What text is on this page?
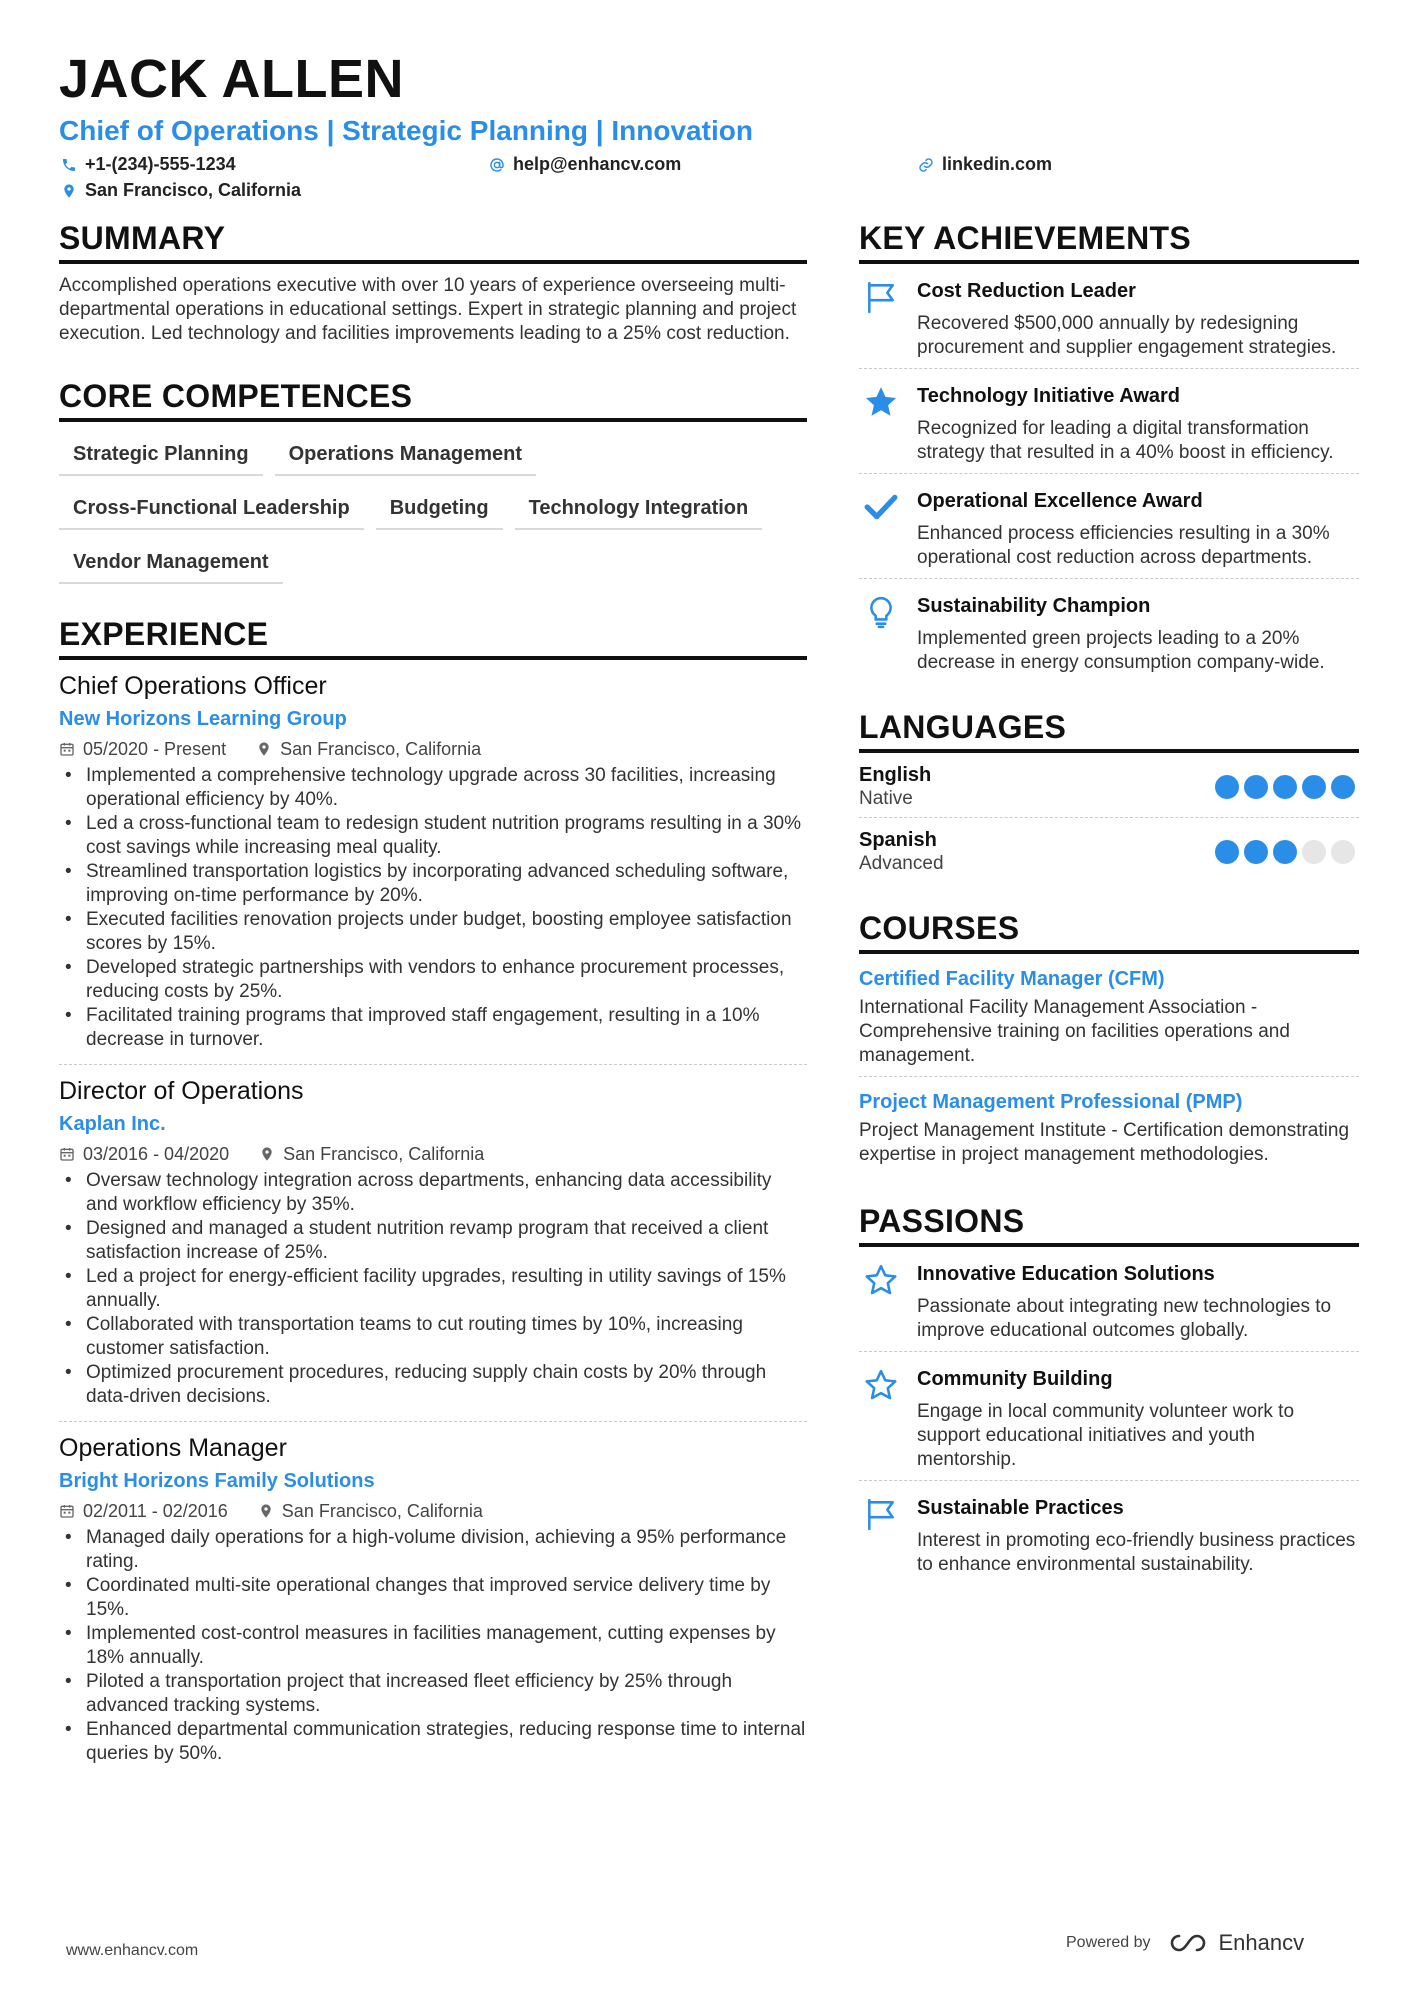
JACK ALLEN
Chief of Operations | Strategic Planning | Innovation
+1-(234)-555-1234	help@enhancv.com	linkedin.com
San Francisco, California
SUMMARY

Accomplished operations executive with over 10 years of experience overseeing multi-departmental operations in educational settings. Expert in strategic planning and project execution. Led technology and facilities improvements leading to a 25% cost reduction.

CORE COMPETENCES
Strategic Planning	Operations Management
Cross-Functional Leadership	Budgeting	Technology Integration
Vendor Management
EXPERIENCE
Chief Operations Officer
New Horizons Learning Group
05/2020 - Present	San Francisco, California
• Implemented a comprehensive technology upgrade across 30 facilities, increasing operational efficiency by 40%.
• Led a cross-functional team to redesign student nutrition programs resulting in a 30% cost savings while increasing meal quality.
• Streamlined transportation logistics by incorporating advanced scheduling software, improving on-time performance by 20%.
• Executed facilities renovation projects under budget, boosting employee satisfaction scores by 15%.
• Developed strategic partnerships with vendors to enhance procurement processes, reducing costs by 25%.
• Facilitated training programs that improved staff engagement, resulting in a 10% decrease in turnover.
Director of Operations
Kaplan Inc.
03/2016 - 04/2020	San Francisco, California
• Oversaw technology integration across departments, enhancing data accessibility and workflow efficiency by 35%.
• Designed and managed a student nutrition revamp program that received a client satisfaction increase of 25%.
• Led a project for energy-efficient facility upgrades, resulting in utility savings of 15% annually.
• Collaborated with transportation teams to cut routing times by 10%, increasing customer satisfaction.
• Optimized procurement procedures, reducing supply chain costs by 20% through data-driven decisions.
Operations Manager
Bright Horizons Family Solutions
02/2011 - 02/2016	San Francisco, California
• Managed daily operations for a high-volume division, achieving a 95% performance rating.
• Coordinated multi-site operational changes that improved service delivery time by 15%.
• Implemented cost-control measures in facilities management, cutting expenses by 18% annually.
• Piloted a transportation project that increased fleet efficiency by 25% through advanced tracking systems.
• Enhanced departmental communication strategies, reducing response time to internal queries by 50%.
KEY ACHIEVEMENTS
Cost Reduction Leader
Recovered $500,000 annually by redesigning procurement and supplier engagement strategies.
Technology Initiative Award
Recognized for leading a digital transformation strategy that resulted in a 40% boost in efficiency.
Operational Excellence Award
Enhanced process efficiencies resulting in a 30% operational cost reduction across departments.
Sustainability Champion
Implemented green projects leading to a 20% decrease in energy consumption company-wide.
LANGUAGES
English
Native
Spanish
Advanced
COURSES
Certified Facility Manager (CFM)
International Facility Management Association - Comprehensive training on facilities operations and management.
Project Management Professional (PMP)
Project Management Institute - Certification demonstrating expertise in project management methodologies.
PASSIONS
Innovative Education Solutions
Passionate about integrating new technologies to improve educational outcomes globally.
Community Building
Engage in local community volunteer work to support educational initiatives and youth mentorship.
Sustainable Practices
Interest in promoting eco-friendly business practices to enhance environmental sustainability.
www.enhancv.com	Powered by	Enhancv
